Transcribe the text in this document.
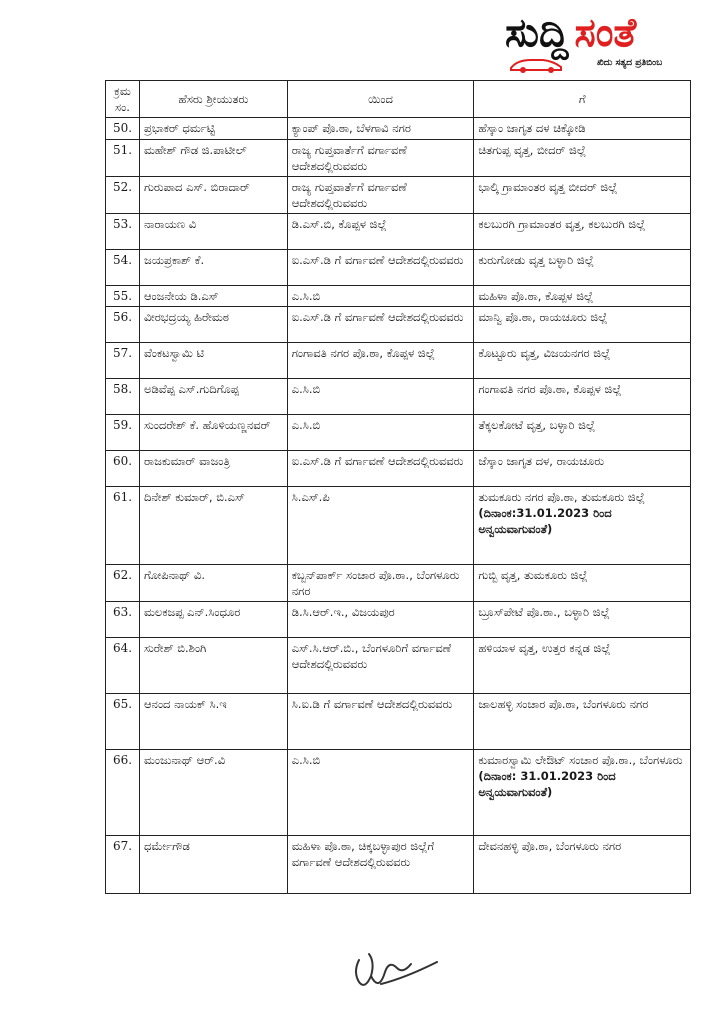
ಸುದ್ದಿ ಸಂತೆ
ಖಿದು ಸತ್ಯದ ಪ್ರತಿಬಿಂಬ
ಕ್ರಮ ಸಂ.	ಹೆಸರು ಶ್ರೀಯುತರು	ಯಿಂದ	ಗೆ
50.	ಪ್ರಭಾಕರ್ ಧರ್ಮಟ್ಟಿ	ಕ್ಯಾಂಪ್ ಪೊ.ಠಾ, ಬೆಳಗಾವಿ ನಗರ	ಹೆಸ್ಕಾಂ ಜಾಗೃತ ದಳ ಚಿಕ್ಕೋಡಿ
51.	ಮಹೇಶ್ ಗೌಡ ಜಿ.ಪಾಟೀಲ್	ರಾಜ್ಯ ಗುಪ್ತವಾರ್ತೆಗೆ ವರ್ಗಾವಣೆ ಆದೇಶದಲ್ಲಿರುವವರು	ಚಿತಗುಪ್ಪ ವೃತ್ತ, ಬೀದರ್ ಜಿಲ್ಲೆ
52.	ಗುರುಪಾದ ಎಸ್. ಬಿರಾದಾರ್	ರಾಜ್ಯ ಗುಪ್ತವಾರ್ತೆಗೆ ವರ್ಗಾವಣೆ ಆದೇಶದಲ್ಲಿರುವವರು	ಭಾಲ್ಕಿ ಗ್ರಾಮಾಂತರ ವೃತ್ತ ಬೀದರ್ ಜಿಲ್ಲೆ
53.	ನಾರಾಯಣ ವಿ	ಡಿ.ಎಸ್.ಬಿ, ಕೊಪ್ಪಳ ಜಿಲ್ಲೆ	ಕಲಬುರಗಿ ಗ್ರಾಮಾಂತರ ವೃತ್ತ, ಕಲಬುರಗಿ ಜಿಲ್ಲೆ
54.	ಜಯಪ್ರಕಾಶ್ ಕೆ.	ಐ.ಎಸ್.ಡಿ ಗೆ ವರ್ಗಾವಣೆ ಆದೇಶದಲ್ಲಿರುವವರು	ಕುರುಗೋಡು ವೃತ್ತ ಬಳ್ಳಾರಿ ಜಿಲ್ಲೆ
55.	ಆಂಜನೇಯ ಡಿ.ಎಸ್	ಎ.ಸಿ.ಬಿ	ಮಹಿಳಾ ಪೊ.ಠಾ, ಕೊಪ್ಪಳ ಜಿಲ್ಲೆ
56.	ವೀರಭದ್ರಯ್ಯ ಹಿರೇಮಠ	ಐ.ಎಸ್.ಡಿ ಗೆ ವರ್ಗಾವಣೆ ಆದೇಶದಲ್ಲಿರುವವರು	ಮಾನ್ವಿ ಪೊ.ಠಾ, ರಾಯಚೂರು ಜಿಲ್ಲೆ
57.	ವೆಂಕಟಸ್ವಾಮಿ ಟಿ	ಗಂಗಾವತಿ ನಗರ ಪೊ.ಠಾ, ಕೊಪ್ಪಳ ಜಿಲ್ಲೆ	ಕೊಟ್ಟೂರು ವೃತ್ತ, ವಿಜಯನಗರ ಜಿಲ್ಲೆ
58.	ಅಡಿವೆಪ್ಪ ಎಸ್.ಗುದಿಗೊಪ್ಪ	ಎ.ಸಿ.ಬಿ	ಗಂಗಾವತಿ ನಗರ ಪೊ.ಠಾ, ಕೊಪ್ಪಳ ಜಿಲ್ಲೆ
59.	ಸುಂದರೇಶ್ ಕೆ. ಹೊಳಿಯಣ್ಣನವರ್	ಎ.ಸಿ.ಬಿ	ತೆಕ್ಕಲಕೋಟೆ ವೃತ್ತ, ಬಳ್ಳಾರಿ ಜಿಲ್ಲೆ
60.	ರಾಜಕುಮಾರ್ ವಾಜಂತ್ರಿ	ಐ.ಎಸ್.ಡಿ ಗೆ ವರ್ಗಾವಣೆ ಆದೇಶದಲ್ಲಿರುವವರು	ಜೆಸ್ಕಾಂ ಜಾಗೃತ ದಳ, ರಾಯಚೂರು
61.	ದಿನೇಶ್ ಕುಮಾರ್, ಬಿ.ಎಸ್	ಸಿ.ಎಸ್.ಪಿ	ತುಮಕೂರು ನಗರ ಪೊ.ಠಾ, ತುಮಕೂರು ಜಿಲ್ಲೆ
(ದಿನಾಂಕ:31.01.2023 ರಿಂದ ಅನ್ವಯವಾಗುವಂತೆ)

62.	ಗೋಪಿನಾಥ್ ವಿ.	ಕಬ್ಬನ್‌ಪಾರ್ಕ್ ಸಂಚಾರ ಪೊ.ಠಾ., ಬೆಂಗಳೂರು ನಗರ	ಗುಬ್ಬಿ ವೃತ್ತ, ತುಮಕೂರು ಜಿಲ್ಲೆ
63.	ಮಲಕಜಪ್ಪ ಎನ್.ಸಿಂಧೂರ	ಡಿ.ಸಿ.ಆರ್.ಇ., ವಿಜಯಪುರ	ಬ್ರೂಸ್‌ಪೇಟೆ ಪೊ.ಠಾ., ಬಳ್ಳಾರಿ ಜಿಲ್ಲೆ
64.	ಸುರೇಶ್ ಬಿ.ಶಿಂಗಿ	ಎಸ್.ಸಿ.ಆರ್.ಬಿ., ಬೆಂಗಳೂರಿಗೆ ವರ್ಗಾವಣೆ ಆದೇಶದಲ್ಲಿರುವವರು	ಹಳಿಯಾಳ ವೃತ್ತ, ಉತ್ತರ ಕನ್ನಡ ಜಿಲ್ಲೆ
65.	ಆನಂದ ನಾಯಕ್ ಸಿ.ಇ	ಸಿ.ಐ.ಡಿ ಗೆ ವರ್ಗಾವಣೆ ಆದೇಶದಲ್ಲಿರುವವರು	ಜಾಲಹಳ್ಳಿ ಸಂಚಾರ ಪೊ.ಠಾ, ಬೆಂಗಳೂರು ನಗರ
66.	ಮಂಜುನಾಥ್ ಆರ್.ವಿ	ಎ.ಸಿ.ಬಿ	ಕುಮಾರಸ್ವಾಮಿ ಲೇಔಟ್ ಸಂಚಾರ ಪೊ.ಠಾ., ಬೆಂಗಳೂರು
(ದಿನಾಂಕ: 31.01.2023 ರಿಂದ ಅನ್ವಯವಾಗುವಂತೆ)

67.	ಧರ್ಮೇಗೌಡ	ಮಹಿಳಾ ಪೊ.ಠಾ, ಚಿಕ್ಕಬಳ್ಳಾಪುರ ಜಿಲ್ಲೆಗೆ ವರ್ಗಾವಣೆ ಆದೇಶದಲ್ಲಿರುವವರು	ದೇವನಹಳ್ಳಿ ಪೊ.ಠಾ, ಬೆಂಗಳೂರು ನಗರ
